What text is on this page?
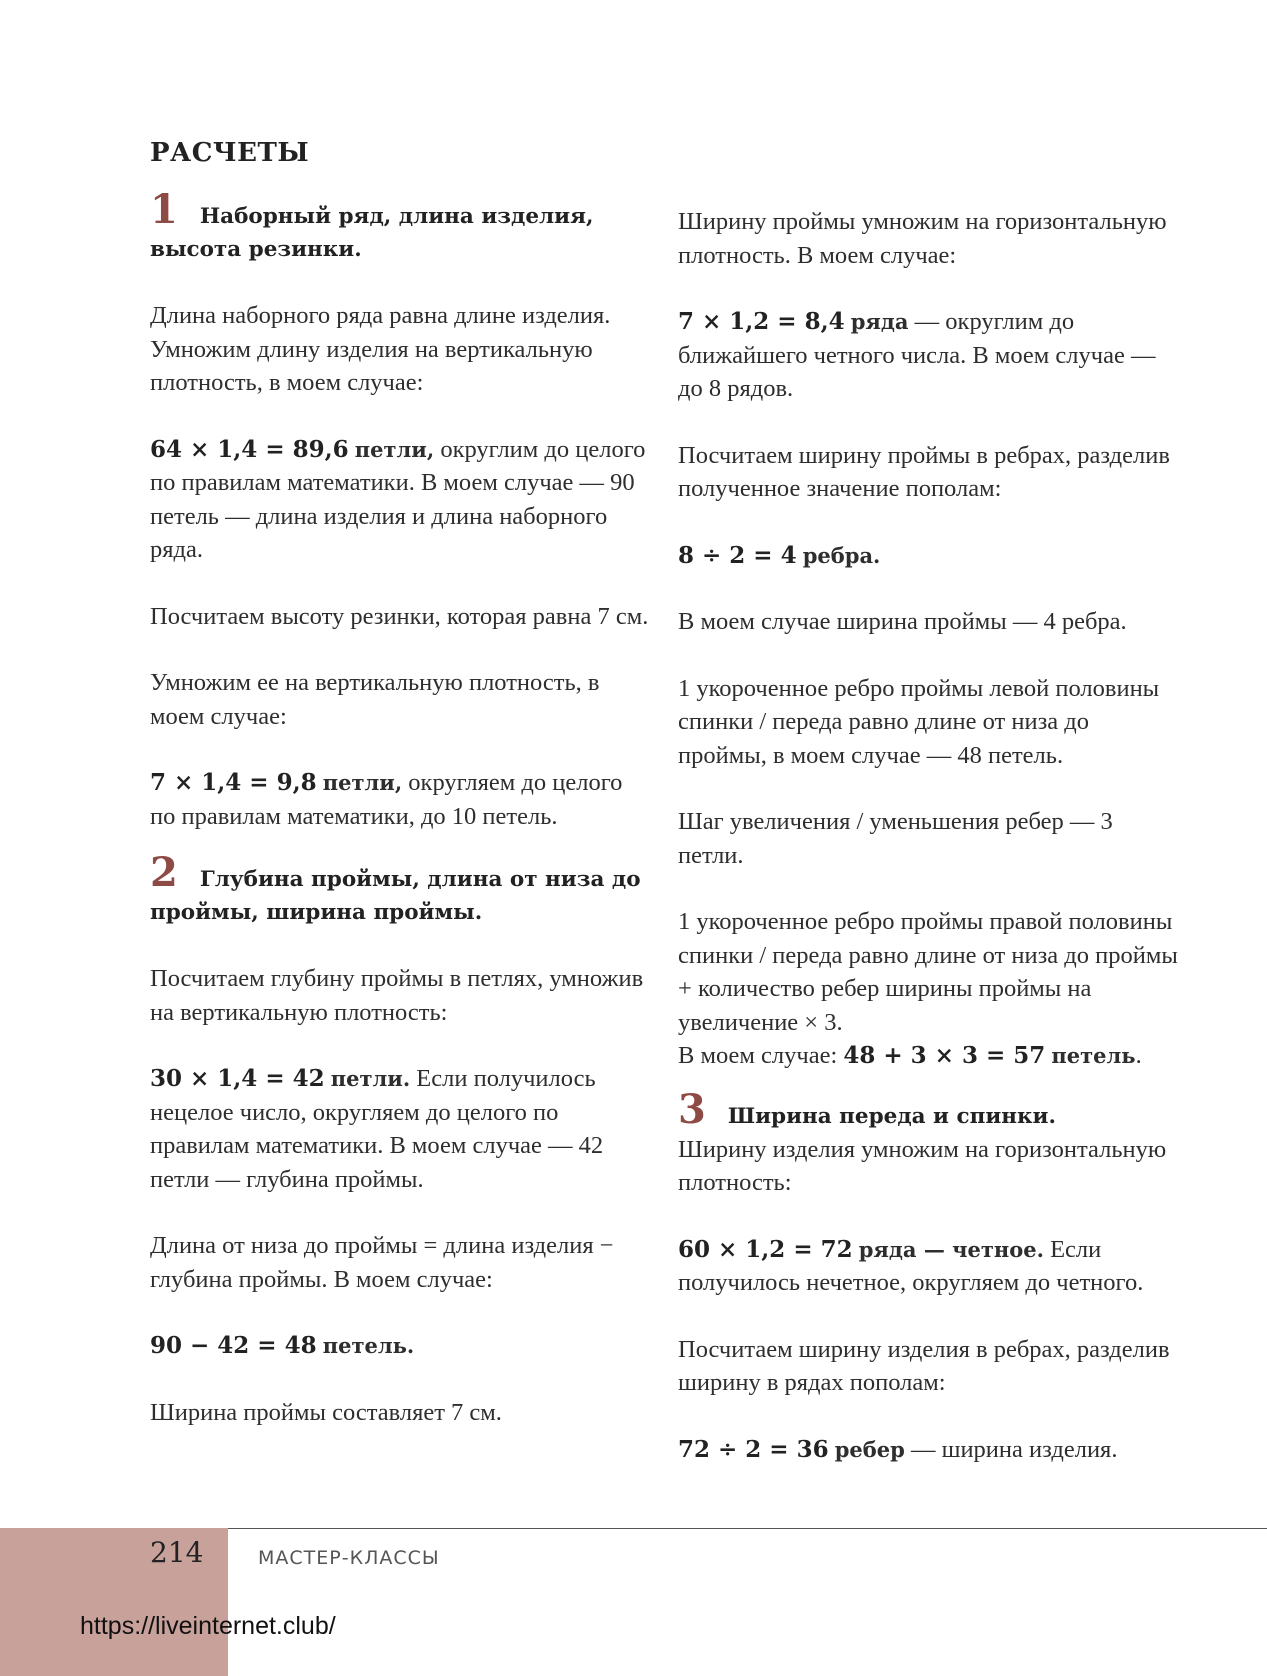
РАСЧЕТЫ
1 Наборный ряд, длина изделия, высота резинки.

Длина наборного ряда равна длине изделия. Умножим длину изделия на вертикальную плотность, в моем случае:

64 × 1,4 = 89,6 петли, округлим до целого по правилам математики. В моем случае — 90 петель — длина изделия и длина наборного ряда.

Посчитаем высоту резинки, которая равна 7 см.

Умножим ее на вертикальную плотность, в моем случае:

7 × 1,4 = 9,8 петли, округляем до целого по правилам математики, до 10 петель.

2 Глубина проймы, длина от низа до проймы, ширина проймы.

Посчитаем глубину проймы в петлях, умножив на вертикальную плотность:

30 × 1,4 = 42 петли. Если получилось нецелое число, округляем до целого по правилам математики. В моем случае — 42 петли — глубина проймы.

Длина от низа до проймы = длина изделия − глубина проймы. В моем случае:

90 − 42 = 48 петель.

Ширина проймы составляет 7 см.

Ширину проймы умножим на горизонтальную плотность. В моем случае:

7 × 1,2 = 8,4 ряда — округлим до ближайшего четного числа. В моем случае — до 8 рядов.

Посчитаем ширину проймы в ребрах, разделив полученное значение пополам:

8 ÷ 2 = 4 ребра.

В моем случае ширина проймы — 4 ребра.

1 укороченное ребро проймы левой половины спинки / переда равно длине от низа до проймы, в моем случае — 48 петель.

Шаг увеличения / уменьшения ребер — 3 петли.

1 укороченное ребро проймы правой половины спинки / переда равно длине от низа до проймы + количество ребер ширины проймы на увеличение × 3.
В моем случае: 48 + 3 × 3 = 57 петель.

3 Ширина переда и спинки.

Ширину изделия умножим на горизонтальную плотность:

60 × 1,2 = 72 ряда — четное. Если получилось нечетное, округляем до четного.

Посчитаем ширину изделия в ребрах, разделив ширину в рядах пополам:

72 ÷ 2 = 36 ребер — ширина изделия.

214	МАСТЕР-КЛАССЫ
https://liveinternet.club/
